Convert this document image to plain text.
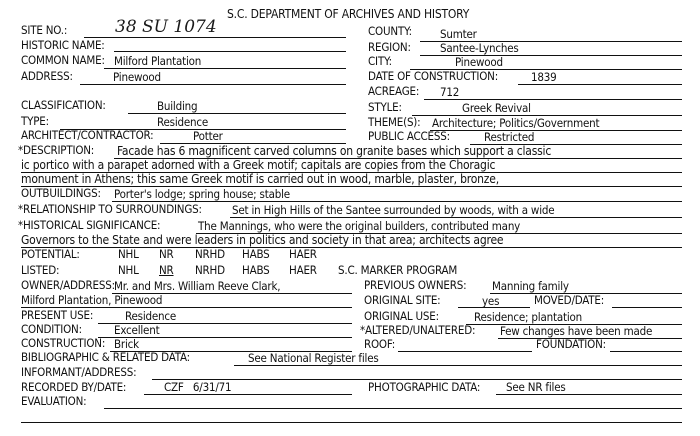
S.C. DEPARTMENT OF ARCHIVES AND HISTORY
SITE NO.:	38 SU 1074	COUNTY: Sumter
HISTORIC NAME:	REGION:	Santee-Lynches
COMMON NAME: Milford Plantation	CITY:	Pinewood
ADDRESS:	Pinewood	DATE OF CONSTRUCTION:	1839
ACREAGE: 712
CLASSIFICATION:	Building	STYLE:	Greek Revival
TYPE:	Residence	THEME(S): Architecture; Politics/Government
ARCHITECT/CONTRACTOR:	Potter	PUBLIC ACCESS:	Restricted
*DESCRIPTION: Facade has 6 magnificent carved columns on granite bases which support a classic
ic portico with a parapet adorned with a Greek motif; capitals are copies from the Choragic
monument in Athens; this same Greek motif is carried out in wood, marble, plaster, bronze,
OUTBUILDINGS: Porter's lodge; spring house; stable
*RELATIONSHIP TO SURROUNDINGS:	Set in High Hills of the Santee surrounded by woods, with a wide
*HISTORICAL SIGNIFICANCE:	The Mannings, who were the original builders, contributed many
Governors to the State and were leaders in politics and society in that area; architects agree
POTENTIAL:	NHL NR NRHD HABS HAER
LISTED:	NHL NR NRHD HABS HAER S.C. MARKER PROGRAM
OWNER/ADDRESS: Mr. and Mrs. William Reeve Clark,	PREVIOUS OWNERS: Manning family
Milford Plantation, Pinewood	ORIGINAL SITE:	yes	MOVED/DATE:
PRESENT USE:	Residence	ORIGINAL USE:	Residence; plantation
CONDITION:	Excellent	*ALTERED/UNALTERED: Few changes have been made
CONSTRUCTION: Brick	ROOF:	FOUNDATION:
BIBLIOGRAPHIC & RELATED DATA:	See National Register files
INFORMANT/ADDRESS:
RECORDED BY/DATE:	CZF   6/31/71	PHOTOGRAPHIC DATA: See NR files
EVALUATION:
